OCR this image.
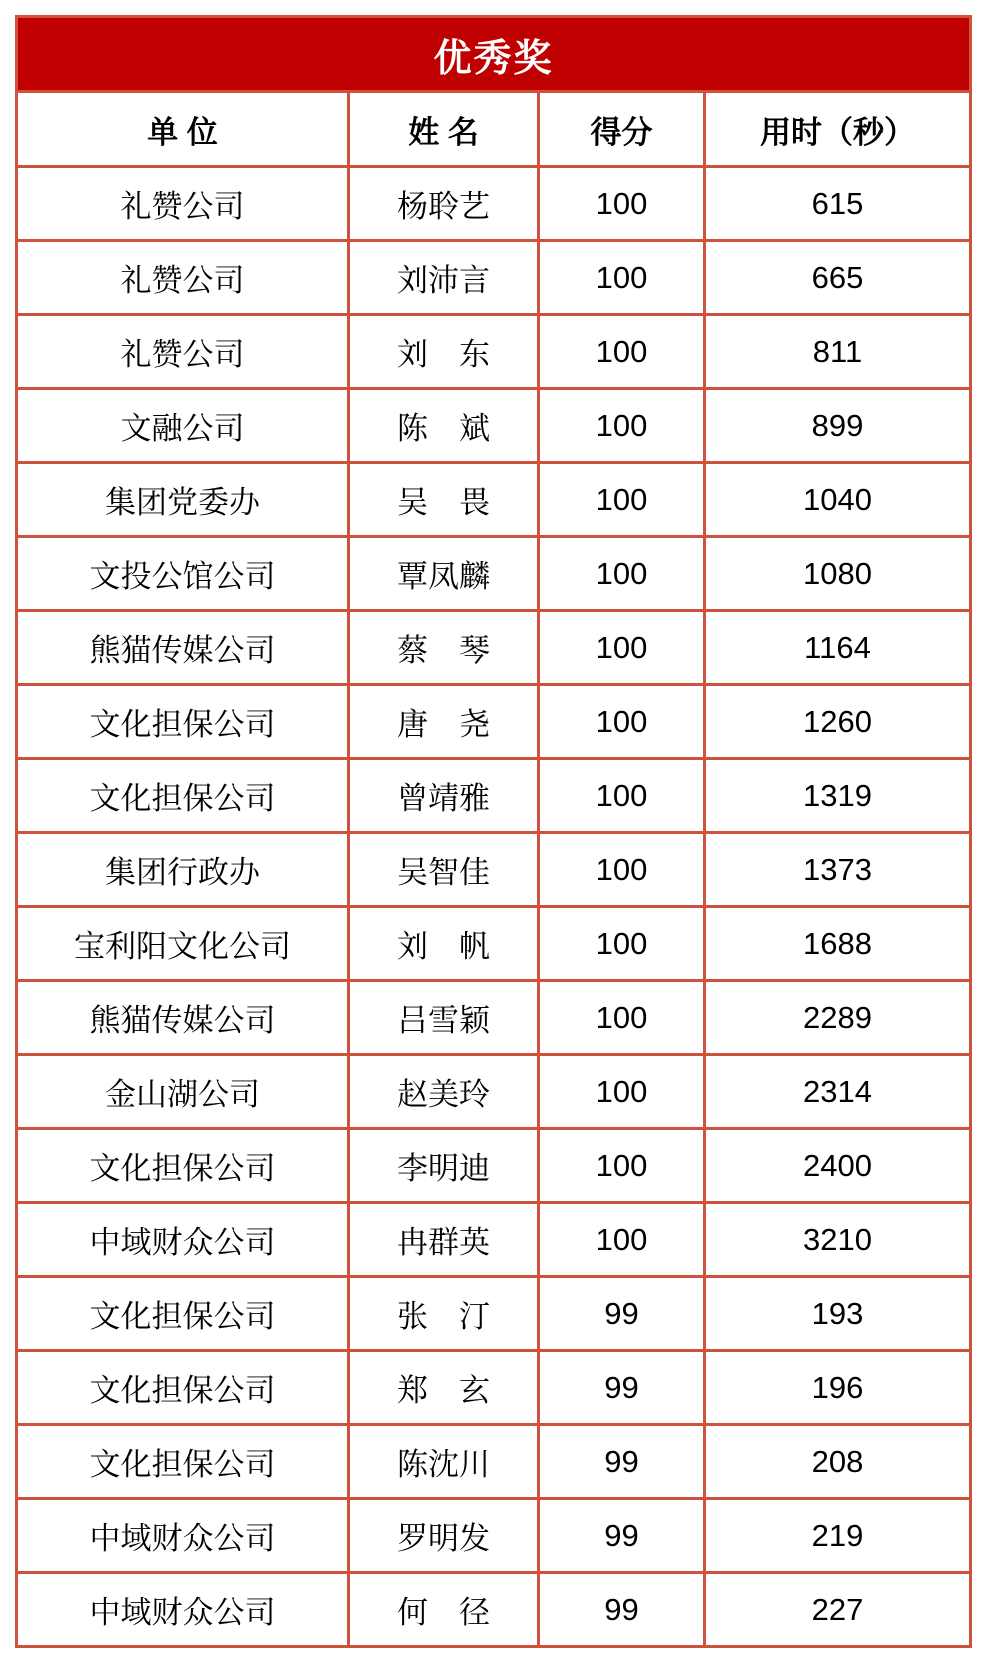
优秀奖			
单 位	姓 名	得分	用时（秒）
礼赞公司	杨聆艺	100	615
礼赞公司	刘沛言	100	665
礼赞公司	刘　东	100	811
文融公司	陈　斌	100	899
集团党委办	吴　畏	100	1040
文投公馆公司	覃凤麟	100	1080
熊猫传媒公司	蔡　琴	100	1164
文化担保公司	唐　尧	100	1260
文化担保公司	曾靖雅	100	1319
集团行政办	吴智佳	100	1373
宝利阳文化公司	刘　帆	100	1688
熊猫传媒公司	吕雪颖	100	2289
金山湖公司	赵美玲	100	2314
文化担保公司	李明迪	100	2400
中域财众公司	冉群英	100	3210
文化担保公司	张　汀	99	193
文化担保公司	郑　玄	99	196
文化担保公司	陈沈川	99	208
中域财众公司	罗明发	99	219
中域财众公司	何　径	99	227
